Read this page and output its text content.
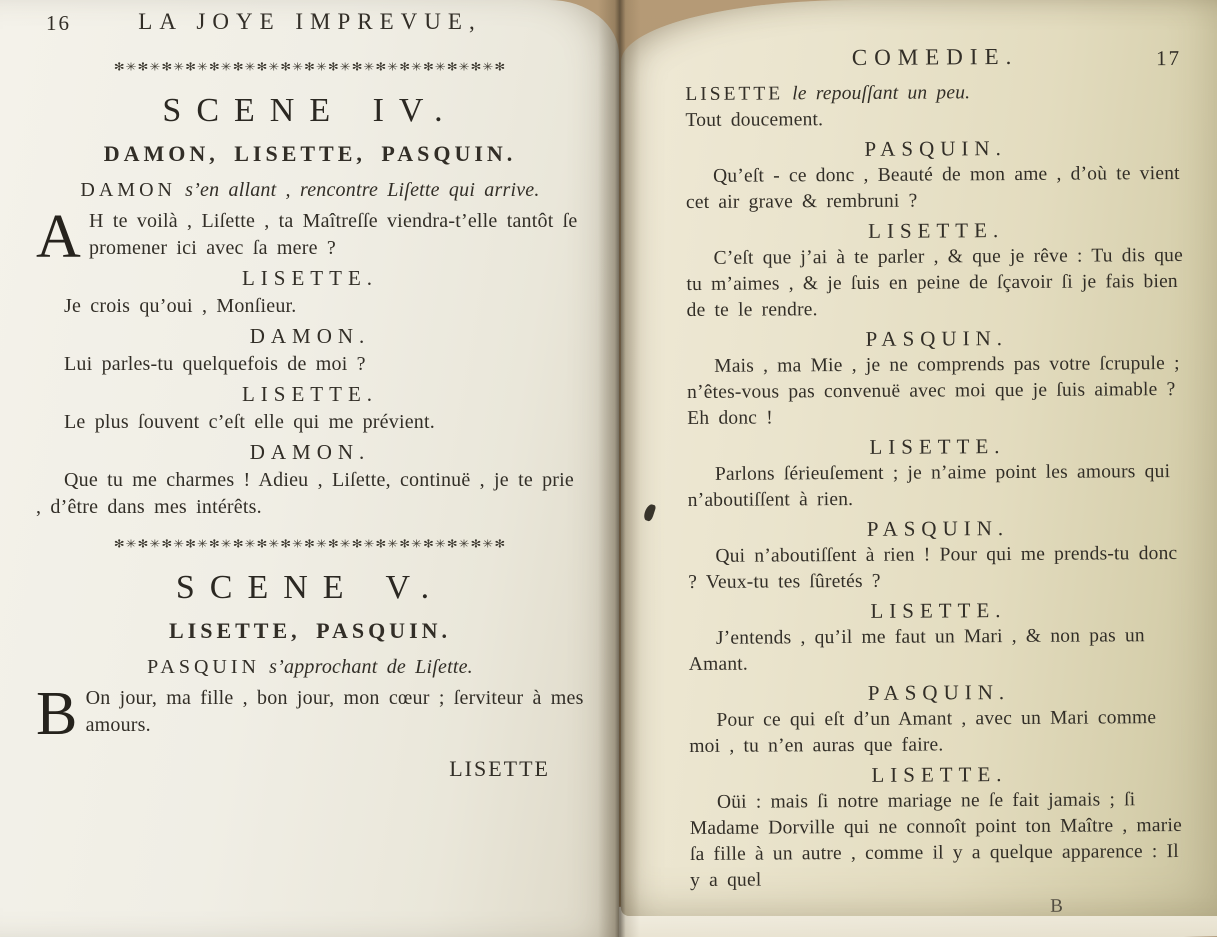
16	LA JOYE IMPREVUE,
✻✳✻✳✻✳✻✳✻✳✻✳✻✳✻✳✻✳✻✳✻✳✻✳✻✳✻✳✻✳✻✳✻
SCENE IV.
DAMON, LISETTE, PASQUIN.
DAMON s’en allant , rencontre Liſette qui arrive.

A H te voilà , Liſette , ta Maîtreſſe viendra-t’elle tantôt ſe promener ici avec ſa mere ?

LISETTE.

Je crois qu’oui , Monſieur.

DAMON.

Lui parles-tu quelquefois de moi ?

LISETTE.

Le plus ſouvent c’eſt elle qui me prévient.

DAMON.

Que tu me charmes ! Adieu , Liſette, continuë , je te prie , d’être dans mes intérêts.

✻✳✻✳✻✳✻✳✻✳✻✳✻✳✻✳✻✳✻✳✻✳✻✳✻✳✻✳✻✳✻✳✻
SCENE V.
LISETTE, PASQUIN.
PASQUIN s’approchant de Liſette.

B On jour, ma fille , bon jour, mon cœur ; ſerviteur à mes amours.

LISETTE
COMEDIE.	17

LISETTE le repouſſant un peu.

Tout doucement.

PASQUIN.

Qu’eſt - ce donc , Beauté de mon ame , d’où te vient cet air grave & rembruni ?

LISETTE.

C’eſt que j’ai à te parler , & que je rêve : Tu dis que tu m’aimes , & je ſuis en peine de ſçavoir ſi je fais bien de te le rendre.

PASQUIN.

Mais , ma Mie , je ne comprends pas votre ſcrupule ; n’êtes-vous pas convenuë avec moi que je ſuis aimable ? Eh donc !

LISETTE.

Parlons ſérieuſement ; je n’aime point les amours qui n’aboutiſſent à rien.

PASQUIN.

Qui n’aboutiſſent à rien ! Pour qui me prends-tu donc ? Veux-tu tes ſûretés ?

LISETTE.

J’entends , qu’il me faut un Mari , & non pas un Amant.

PASQUIN.

Pour ce qui eſt d’un Amant , avec un Mari comme moi , tu n’en auras que faire.

LISETTE.

Oüi : mais ſi notre mariage ne ſe fait jamais ; ſi Madame Dorville qui ne connoît point ton Maître , marie ſa fille à un autre , comme il y a quelque apparence : Il y a quel

B
